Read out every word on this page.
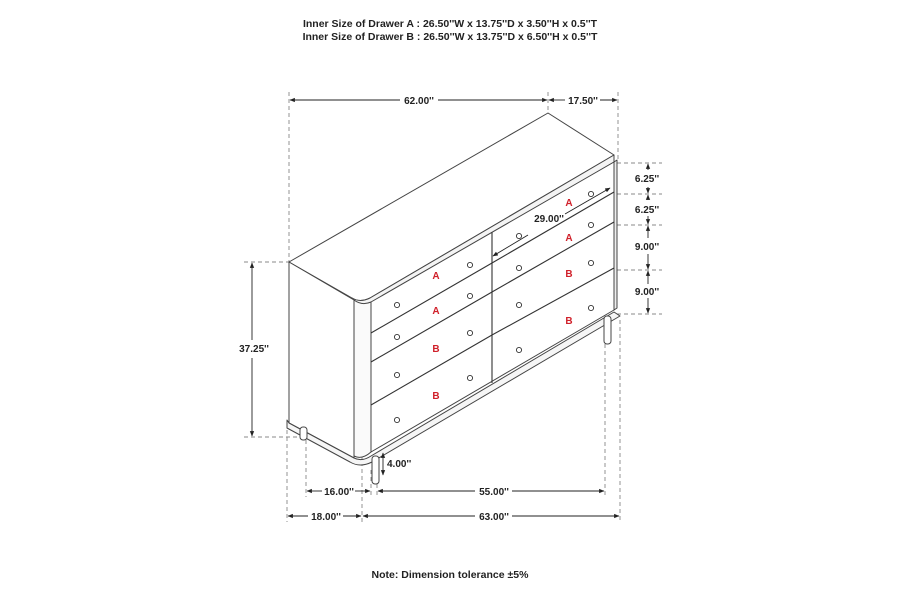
Inner Size of Drawer A : 26.50''W x 13.75''D x 3.50''H x 0.5''T
Inner Size of Drawer B : 26.50''W x 13.75''D x 6.50''H x 0.5''T
A
A
B
B
A
A
B
B
62.00''	17.50''
29.00''
6.25''
6.25''
9.00''
9.00''
37.25''
4.00''
16.00''	55.00''
18.00''	63.00''
Note: Dimension tolerance ±5%
